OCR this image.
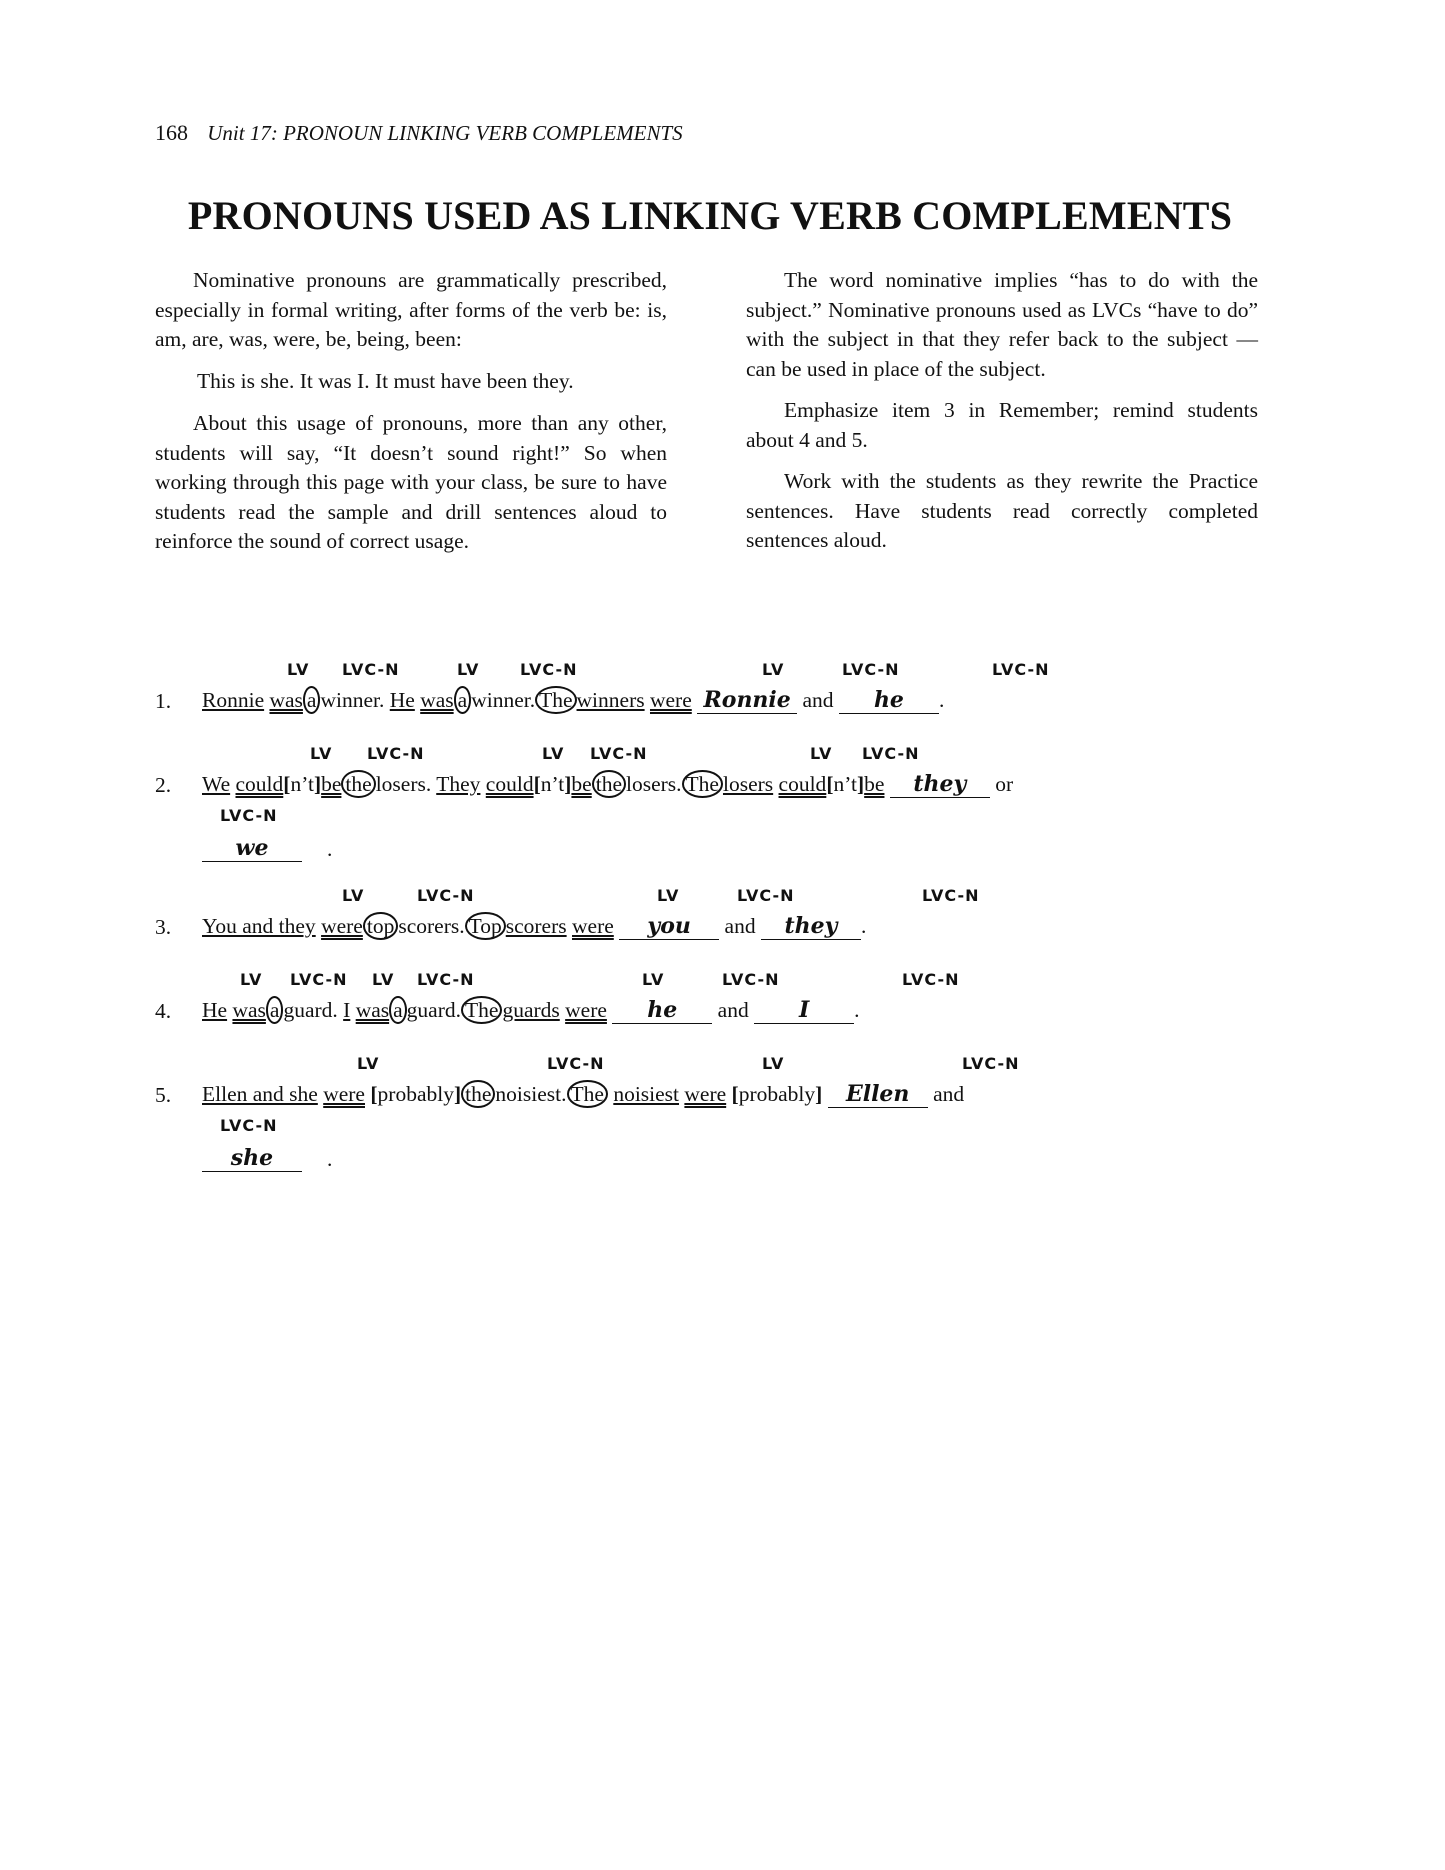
168 Unit 17: PRONOUN LINKING VERB COMPLEMENTS
PRONOUNS USED AS LINKING VERB COMPLEMENTS

Nominative pronouns are grammatically prescribed, especially in formal writing, after forms of the verb be: is, am, are, was, were, be, being, been:

This is she. It was I. It must have been they.

About this usage of pronouns, more than any other, students will say, “It doesn’t sound right!” So when working through this page with your class, be sure to have students read the sample and drill sentences aloud to reinforce the sound of correct usage.

The word nominative implies “has to do with the subject.” Nominative pronouns used as LVCs “have to do” with the subject in that they refer back to the subject — can be used in place of the subject.

Emphasize item 3 in Remember; remind students about 4 and 5.

Work with the students as they rewrite the Practice sentences. Have students read correctly completed sentences aloud.

LV LVC-N	LV	LVC-N	LV	LVC-N	LVC-N
1. Ronnie was a winner. He was a winner. The winners were Ronnie and he .
LV LVC-N	LV LVC-N	LV LVC-N
2. We could[n’t]be the losers. They could[n’t]be the losers. The losers could[n’t]be they or
LVC-N
we	.
LV	LVC-N	LV	LVC-N	LVC-N
3. You and they were top scorers. Top scorers were you and they .
LV LVC-N LV LVC-N	LV	LVC-N	LVC-N
4. He was a guard. I was a guard. The guards were he and I .
LV	LVC-N	LV	LVC-N
5. Ellen and she were [probably] the noisiest. The noisiest were [probably] Ellen and
LVC-N
she	.
